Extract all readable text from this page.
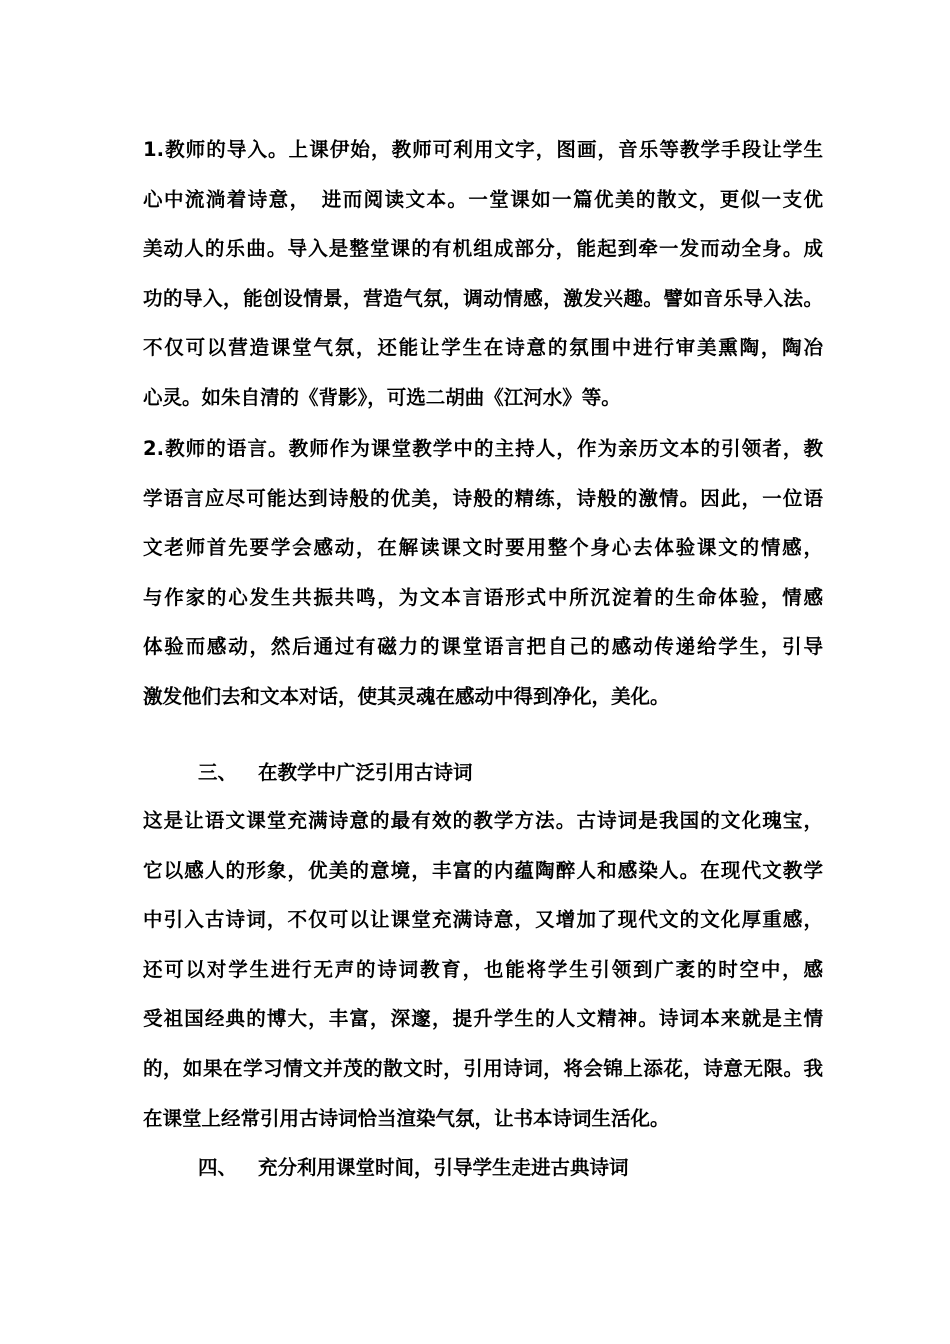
1.教师的导入。上课伊始，教师可利用文字，图画，音乐等教学手段让学生
心中流淌着诗意，　进而阅读文本。一堂课如一篇优美的散文，更似一支优
美动人的乐曲。导入是整堂课的有机组成部分，能起到牵一发而动全身。成
功的导入，能创设情景，营造气氛，调动情感，激发兴趣。譬如音乐导入法。
不仅可以营造课堂气氛，还能让学生在诗意的氛围中进行审美熏陶，陶冶
心灵。如朱自清的《背影》，可选二胡曲《江河水》等。
2.教师的语言。教师作为课堂教学中的主持人，作为亲历文本的引领者，教
学语言应尽可能达到诗般的优美，诗般的精练，诗般的激情。因此，一位语
文老师首先要学会感动，在解读课文时要用整个身心去体验课文的情感，
与作家的心发生共振共鸣，为文本言语形式中所沉淀着的生命体验，情感
体验而感动，然后通过有磁力的课堂语言把自己的感动传递给学生，引导
激发他们去和文本对话，使其灵魂在感动中得到净化，美化。
三、 在教学中广泛引用古诗词
这是让语文课堂充满诗意的最有效的教学方法。古诗词是我国的文化瑰宝，
它以感人的形象，优美的意境，丰富的内蕴陶醉人和感染人。在现代文教学
中引入古诗词，不仅可以让课堂充满诗意，又增加了现代文的文化厚重感，
还可以对学生进行无声的诗词教育，也能将学生引领到广袤的时空中，感
受祖国经典的博大，丰富，深邃，提升学生的人文精神。诗词本来就是主情
的，如果在学习情文并茂的散文时，引用诗词，将会锦上添花，诗意无限。我
在课堂上经常引用古诗词恰当渲染气氛，让书本诗词生活化。
四、 充分利用课堂时间，引导学生走进古典诗词
